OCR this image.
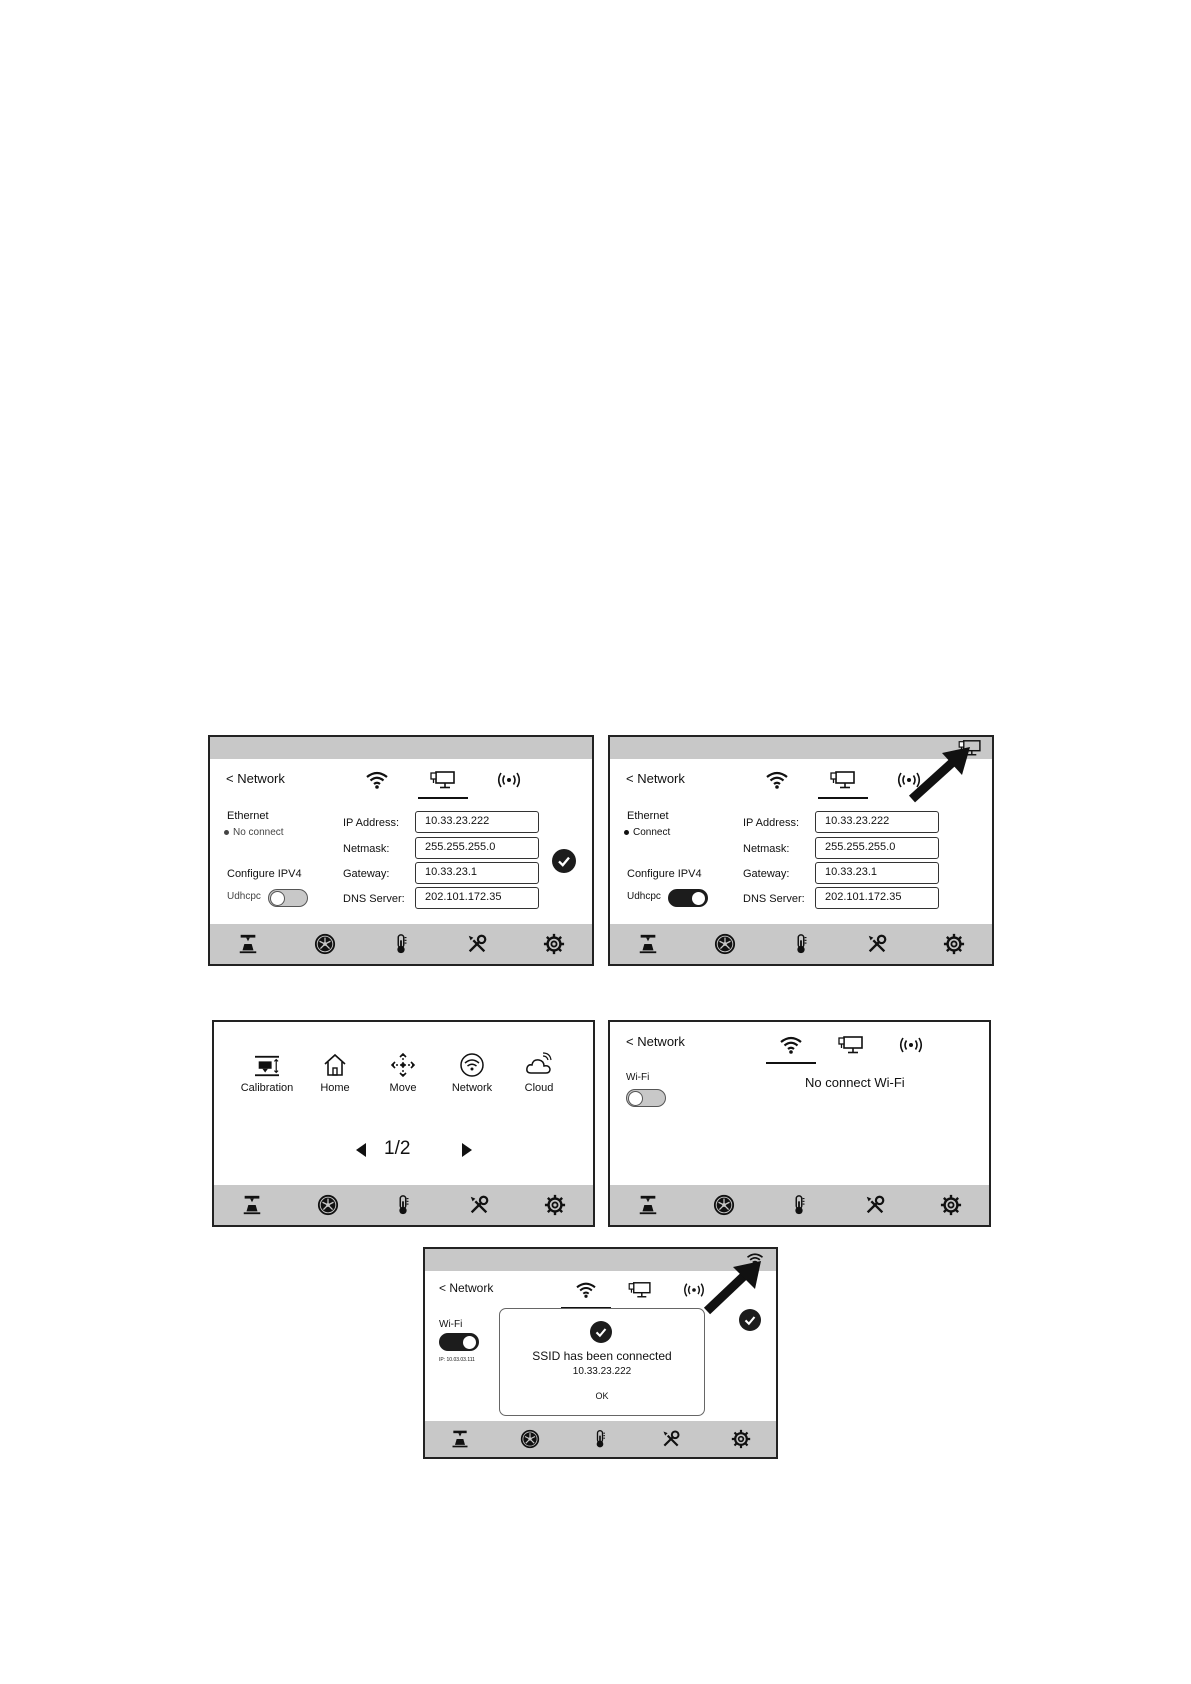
< Network
Ethernet
No connect
Configure IPV4
Udhcpc
IP Address:	10.33.23.222
Netmask:	255.255.255.0
Gateway:	10.33.23.1
DNS Server:	202.101.172.35
< Network
Ethernet
Connect
Configure IPV4
Udhcpc
IP Address:	10.33.23.222
Netmask:	255.255.255.0
Gateway:	10.33.23.1
DNS Server:	202.101.172.35
Calibration	Home	Move	Network	Cloud
1/2
< Network
Wi-Fi	No connect Wi-Fi
< Network
Wi-Fi
IP: 10.03.03.111	SSID has been connected
10.33.23.222
OK
